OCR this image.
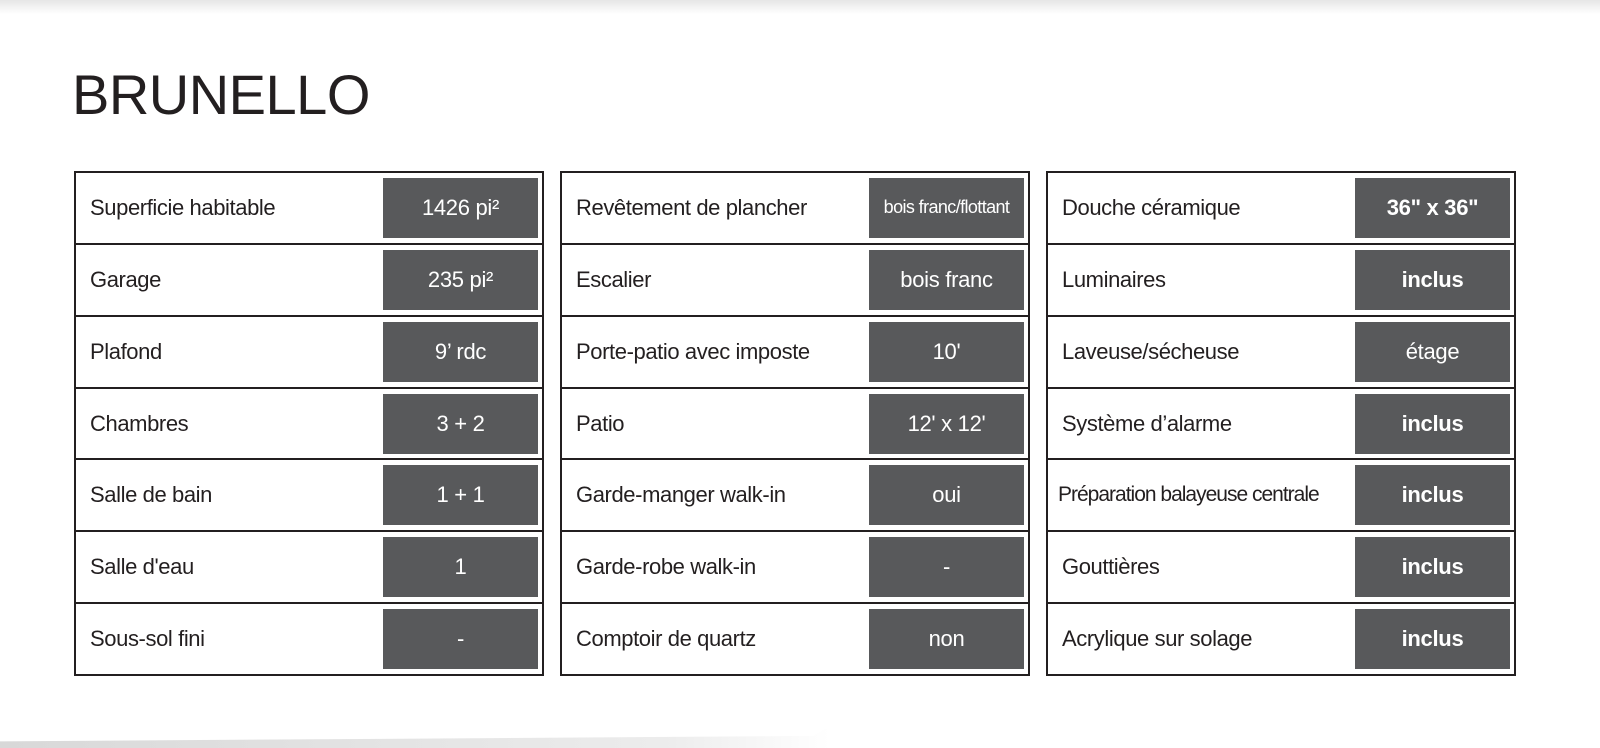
BRUNELLO
Superficie habitable	1426 pi²
Garage	235 pi²
Plafond	9’ rdc
Chambres	3 + 2
Salle de bain	1 + 1
Salle d'eau	1
Sous-sol fini	-
Revêtement de plancher	bois franc/flottant
Escalier	bois franc
Porte-patio avec imposte	10'
Patio	12' x 12'
Garde-manger walk-in	oui
Garde-robe walk-in	-
Comptoir de quartz	non
Douche céramique	36" x 36"
Luminaires	inclus
Laveuse/sécheuse	étage
Système d’alarme	inclus
Préparation balayeuse centrale	inclus
Gouttières	inclus
Acrylique sur solage	inclus
